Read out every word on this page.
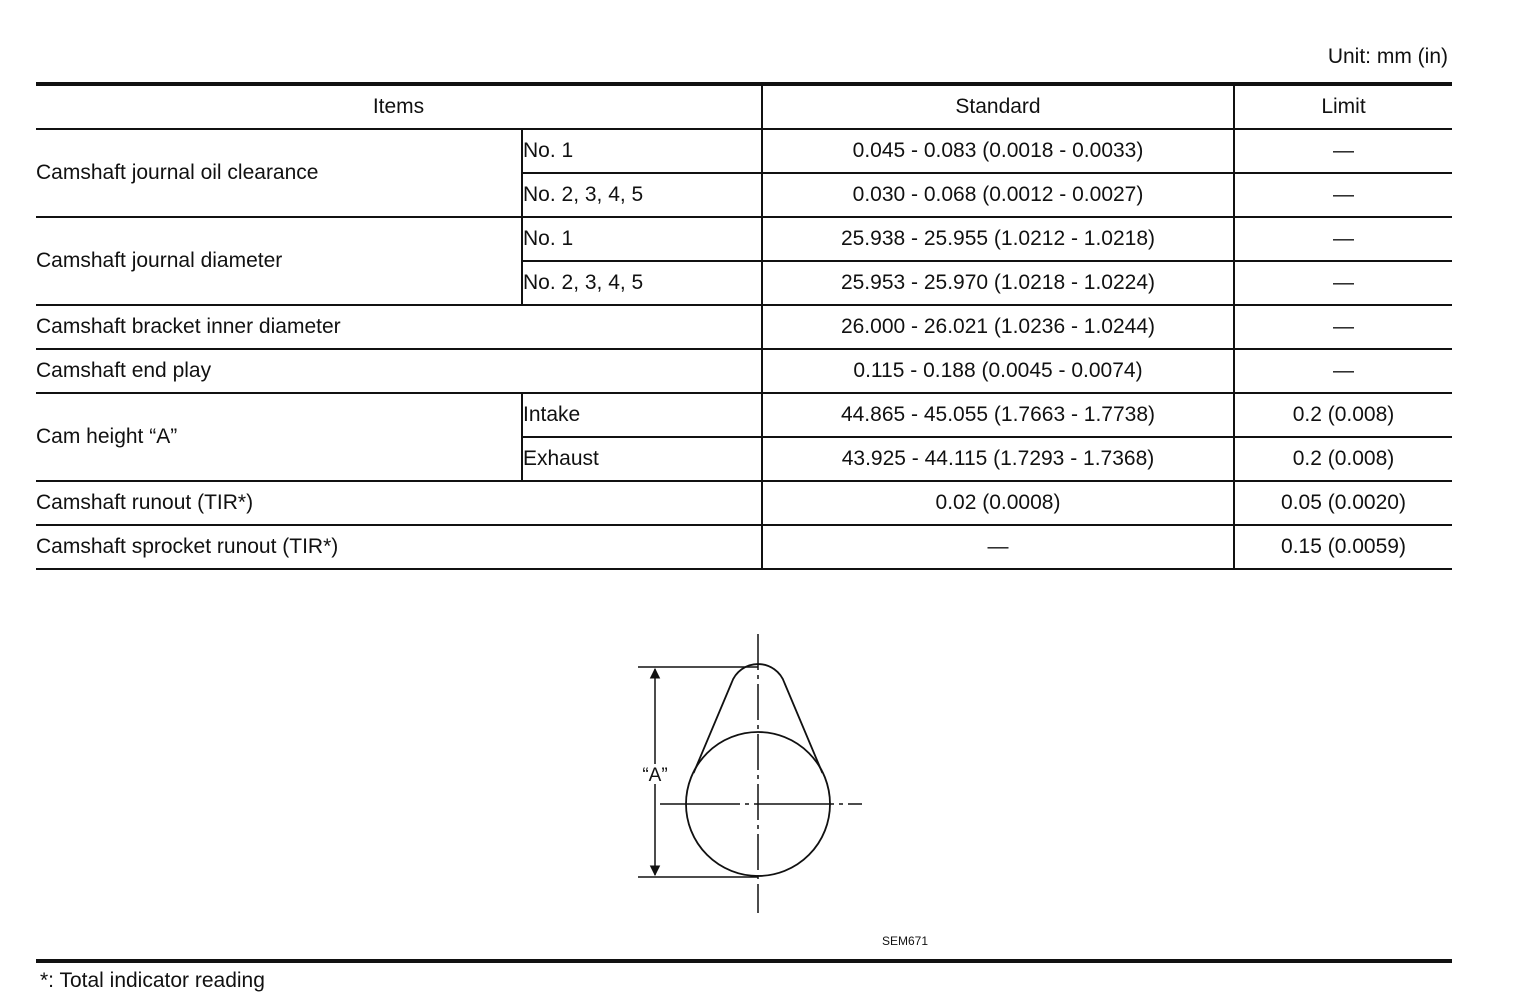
Unit: mm (in)
Items		Standard	Limit
Camshaft journal oil clearance	No. 1	0.045 - 0.083 (0.0018 - 0.0033)	—
	No. 2, 3, 4, 5	0.030 - 0.068 (0.0012 - 0.0027)	—
Camshaft journal diameter	No. 1	25.938 - 25.955 (1.0212 - 1.0218)	—
	No. 2, 3, 4, 5	25.953 - 25.970 (1.0218 - 1.0224)	—
Camshaft bracket inner diameter		26.000 - 26.021 (1.0236 - 1.0244)	—
Camshaft end play		0.115 - 0.188 (0.0045 - 0.0074)	—
Cam height “A”	Intake	44.865 - 45.055 (1.7663 - 1.7738)	0.2 (0.008)
	Exhaust	43.925 - 44.115 (1.7293 - 1.7368)	0.2 (0.008)
Camshaft runout (TIR*)		0.02 (0.0008)	0.05 (0.0020)
Camshaft sprocket runout (TIR*)		—	0.15 (0.0059)
“A”
SEM671
*: Total indicator reading
